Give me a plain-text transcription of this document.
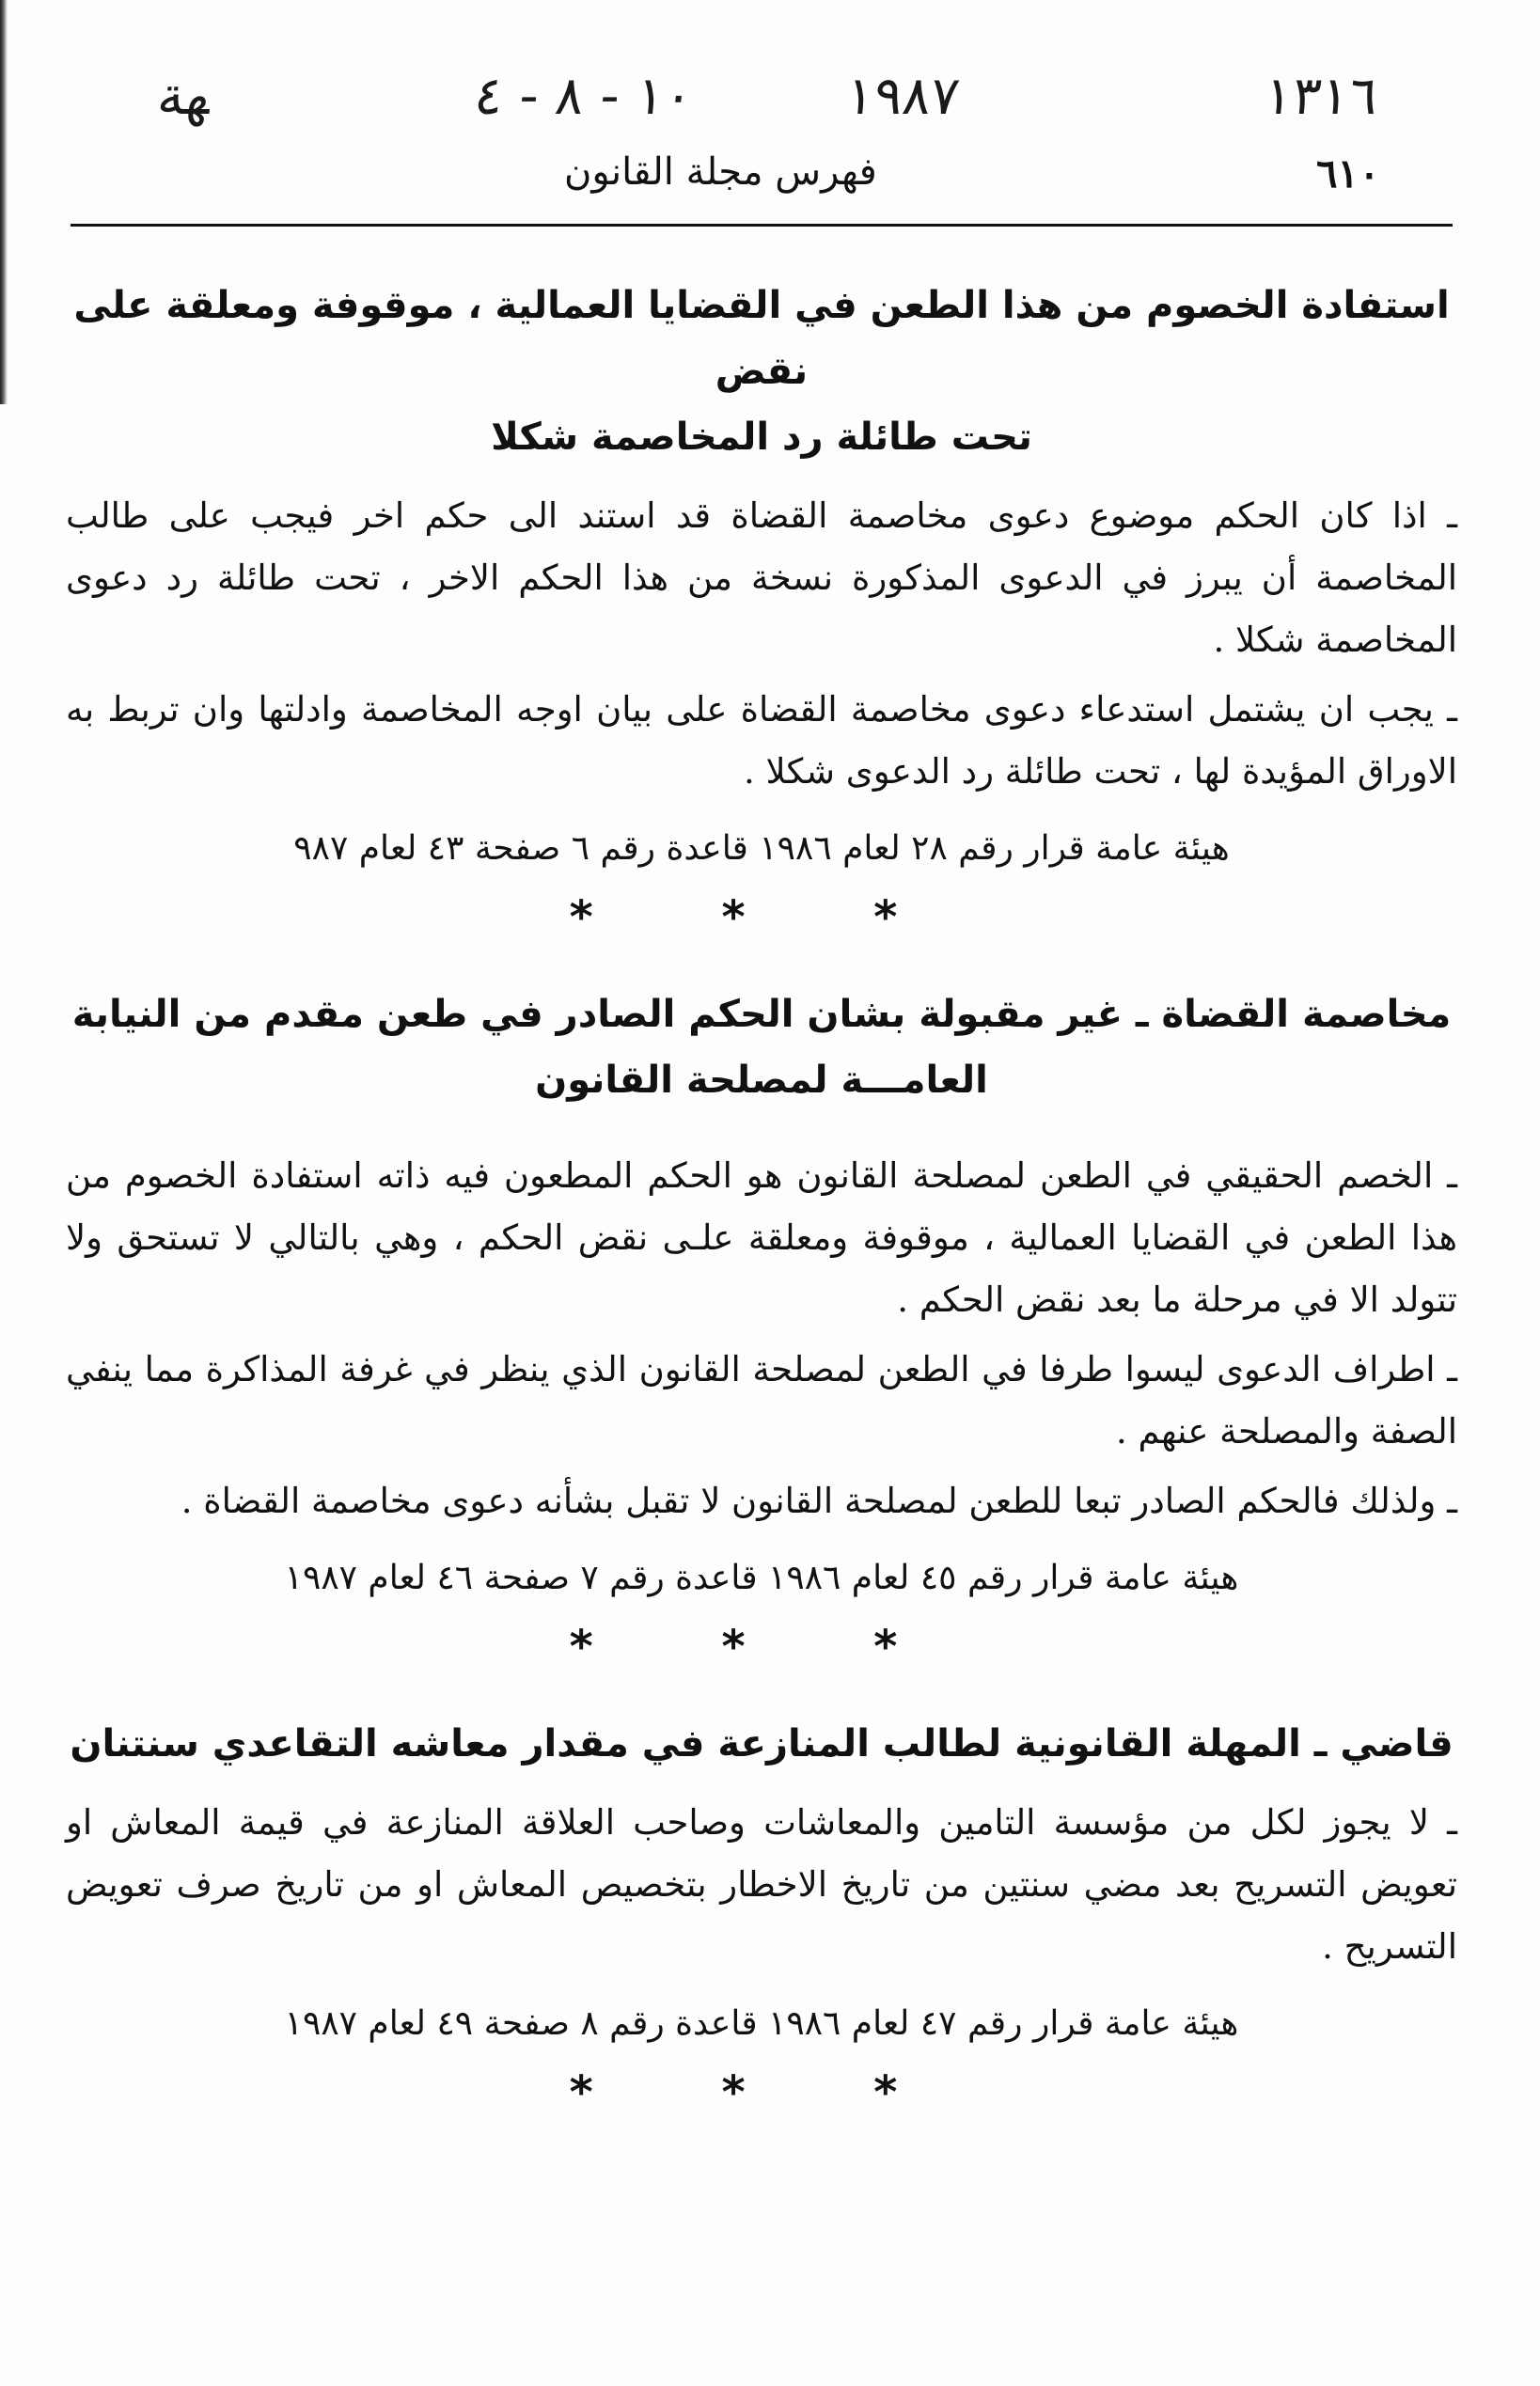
ﻬﺔ	١٠ - ٨ - ٤	١٩٨٧	١٣١٦
فهرس مجلة القانون	٦١٠
استفادة الخصوم من هذا الطعن في القضايا العمالية ، موقوفة ومعلقة على نقض
تحت طائلة رد المخاصمة شكلا

ـ اذا كان الحكم موضوع دعوى مخاصمة القضاة قد استند الى حكم اخر فيجب على طالب المخاصمة أن يبرز في الدعوى المذكورة نسخة من هذا الحكم الاخر ، تحت طائلة رد دعوى المخاصمة شكلا .

ـ يجب ان يشتمل استدعاء دعوى مخاصمة القضاة على بيان اوجه المخاصمة وادلتها وان تربط به الاوراق المؤيدة لها ، تحت طائلة رد الدعوى شكلا .

هيئة عامة قرار رقم ٢٨ لعام ١٩٨٦ قاعدة رقم ٦ صفحة ٤٣ لعام ٩٨٧
* * *
مخاصمة القضاة ـ غير مقبولة بشان الحكم الصادر في طعن مقدم من النيابة
العامـــة لمصلحة القانون

ـ الخصم الحقيقي في الطعن لمصلحة القانون هو الحكم المطعون فيه ذاته استفادة الخصوم من هذا الطعن في القضايا العمالية ، موقوفة ومعلقة علـى نقض الحكم ، وهي بالتالي لا تستحق ولا تتولد الا في مرحلة ما بعد نقض الحكم .

ـ اطراف الدعوى ليسوا طرفا في الطعن لمصلحة القانون الذي ينظر في غرفة المذاكرة مما ينفي الصفة والمصلحة عنهم .

ـ ولذلك فالحكم الصادر تبعا للطعن لمصلحة القانون لا تقبل بشأنه دعوى مخاصمة القضاة .

هيئة عامة قرار رقم ٤٥ لعام ١٩٨٦ قاعدة رقم ٧ صفحة ٤٦ لعام ١٩٨٧
* * *
قاضي ـ المهلة القانونية لطالب المنازعة في مقدار معاشه التقاعدي سنتنان

ـ لا يجوز لكل من مؤسسة التامين والمعاشات وصاحب العلاقة المنازعة في قيمة المعاش او تعويض التسريح بعد مضي سنتين من تاريخ الاخطار بتخصيص المعاش او من تاريخ صرف تعويض التسريح .

هيئة عامة قرار رقم ٤٧ لعام ١٩٨٦ قاعدة رقم ٨ صفحة ٤٩ لعام ١٩٨٧
* * *
